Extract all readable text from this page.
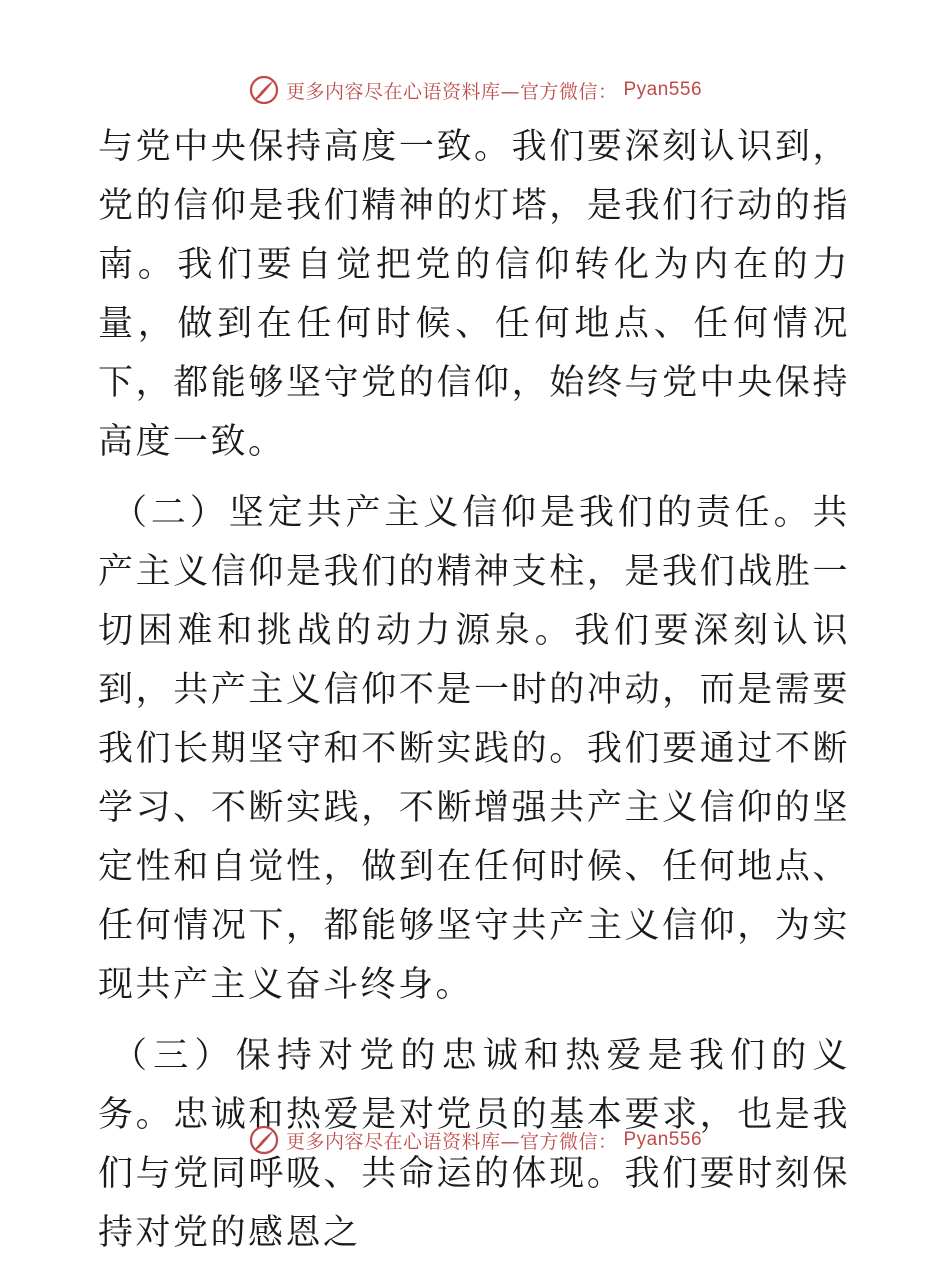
更多内容尽在心语资料库—官方微信： Pyan556

与党中央保持高度一致。我们要深刻认识到，党的信仰是我们精神的灯塔，是我们行动的指南。我们要自觉把党的信仰转化为内在的力量，做到在任何时候、任何地点、任何情况下，都能够坚守党的信仰，始终与党中央保持高度一致。

（二）坚定共产主义信仰是我们的责任。共产主义信仰是我们的精神支柱，是我们战胜一切困难和挑战的动力源泉。我们要深刻认识到，共产主义信仰不是一时的冲动，而是需要我们长期坚守和不断实践的。我们要通过不断学习、不断实践，不断增强共产主义信仰的坚定性和自觉性，做到在任何时候、任何地点、任何情况下，都能够坚守共产主义信仰，为实现共产主义奋斗终身。

（三）保持对党的忠诚和热爱是我们的义务。忠诚和热爱是对党员的基本要求，也是我们与党同呼吸、共命运的体现。我们要时刻保持对党的感恩之

更多内容尽在心语资料库—官方微信： Pyan556
